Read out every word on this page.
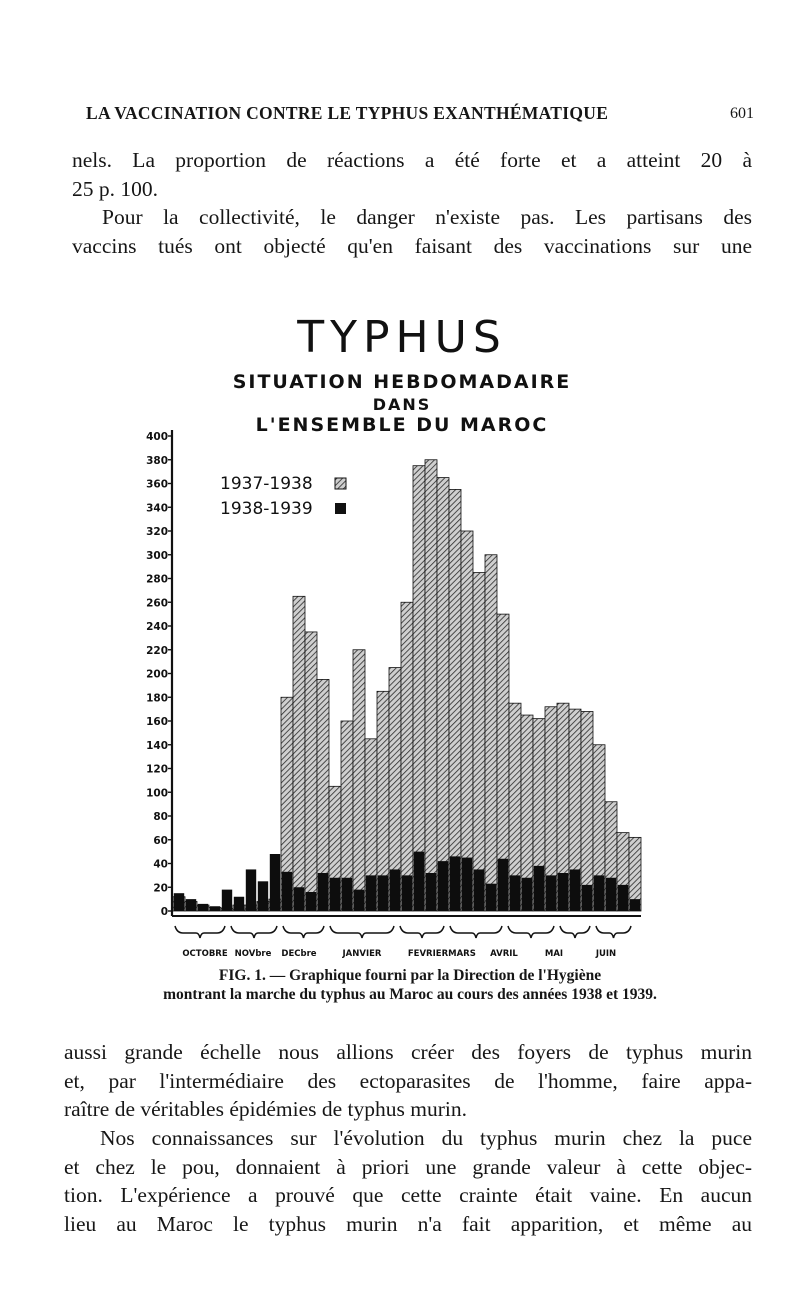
LA VACCINATION CONTRE LE TYPHUS EXANTHÉMATIQUE	601
nels. La proportion de réactions a été forte et a atteint 20 à
25 p. 100.
Pour la collectivité, le danger n'existe pas. Les partisans des
vaccins tués ont objecté qu'en faisant des vaccinations sur une
TYPHUS
SITUATION HEBDOMADAIRE
DANS
L'ENSEMBLE DU MAROC
0
20
40
60
80
100
120
140
160
180
200
220
240
260
280
300
320
340
360
380
400
1937-1938
1938-1939
OCTOBRE NOVbre DECbre	JANVIER	FEVRIER MARS AVRIL	MAI	JUIN
FIG. 1. — Graphique fourni par la Direction de l'Hygiène
montrant la marche du typhus au Maroc au cours des années 1938 et 1939.
aussi grande échelle nous allions créer des foyers de typhus murin
et, par l'intermédiaire des ectoparasites de l'homme, faire appa-
raître de véritables épidémies de typhus murin.
Nos connaissances sur l'évolution du typhus murin chez la puce
et chez le pou, donnaient à priori une grande valeur à cette objec-
tion. L'expérience a prouvé que cette crainte était vaine. En aucun
lieu au Maroc le typhus murin n'a fait apparition, et même au
